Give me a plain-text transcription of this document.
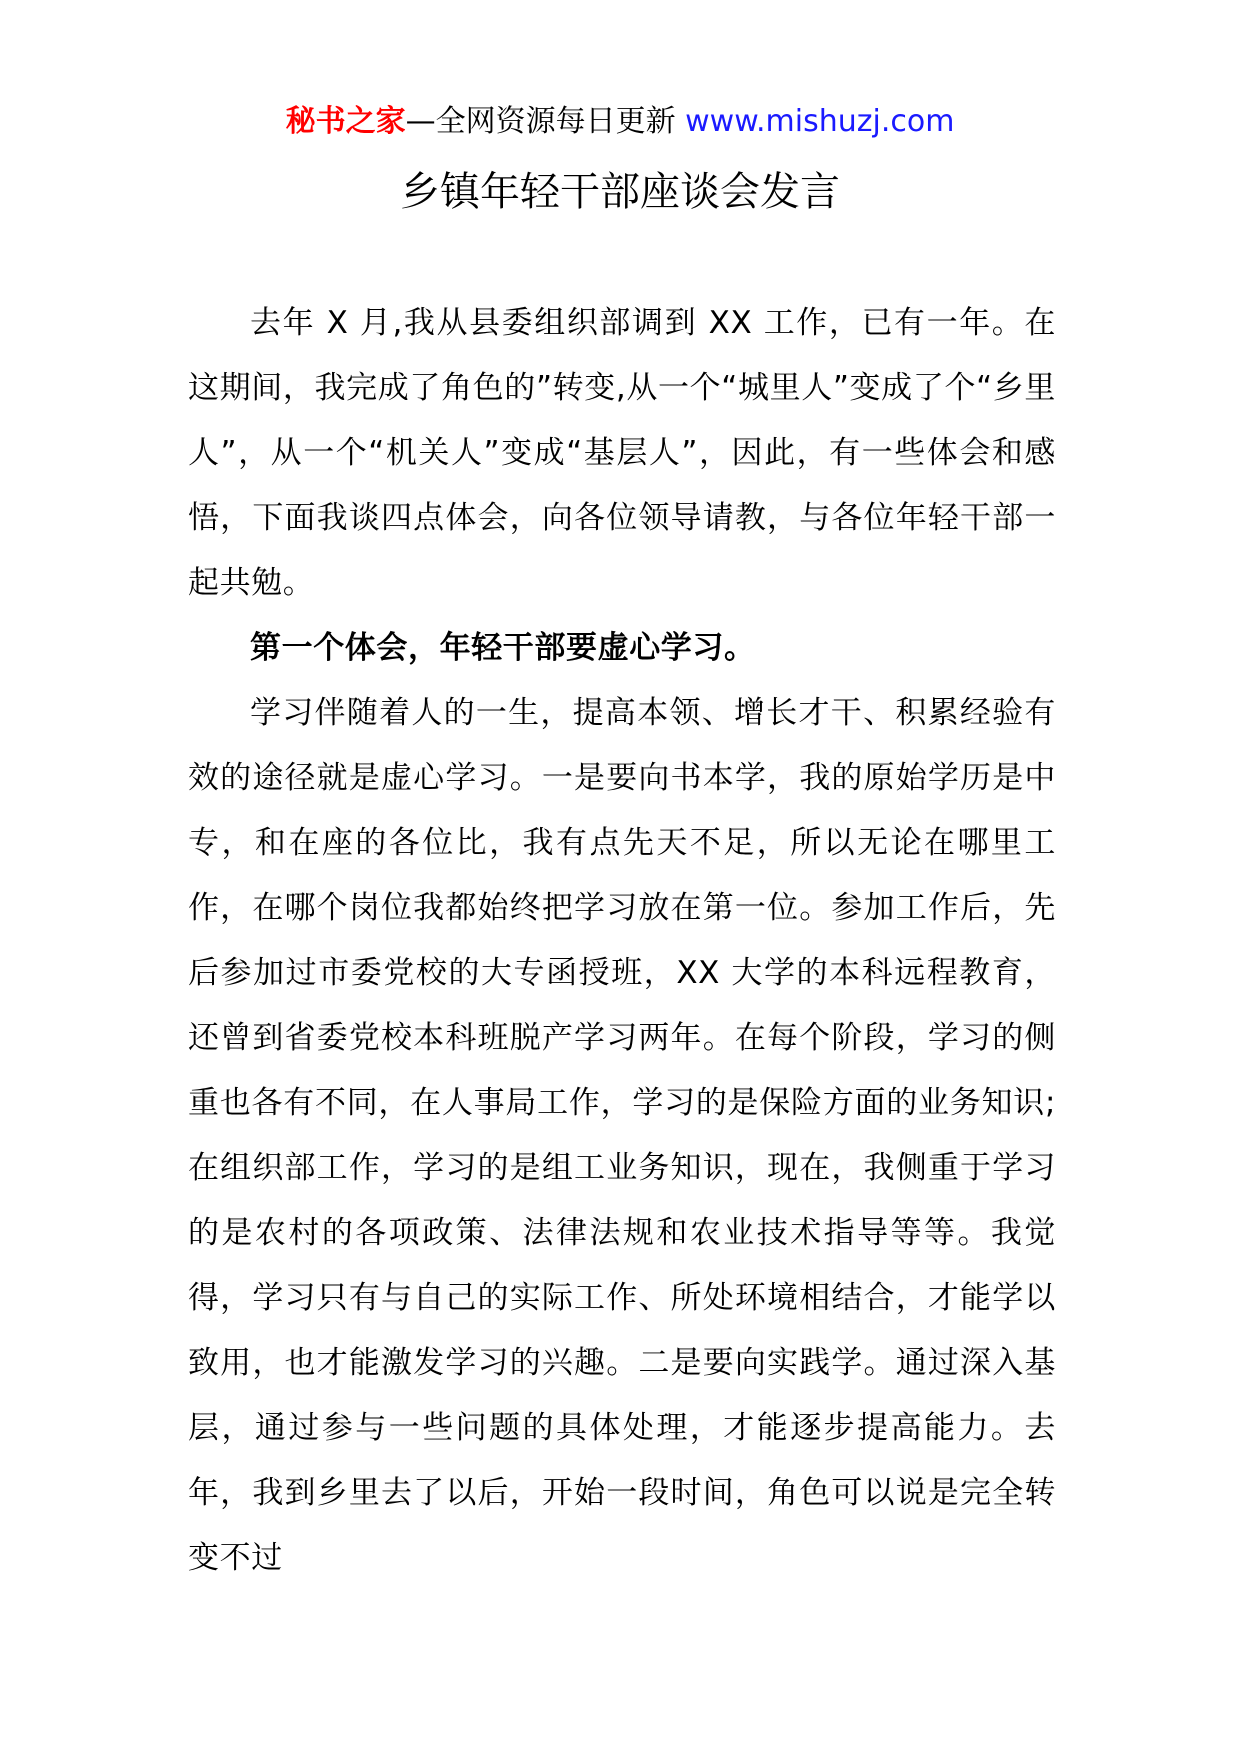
秘书之家—全网资源每日更新 www.mishuzj.com
乡镇年轻干部座谈会发言

去年 X 月,我从县委组织部调到 XX 工作，已有一年。在这期间，我完成了角色的”转变,从一个“城里人”变成了个“乡里人”，从一个“机关人”变成“基层人”，因此，有一些体会和感悟，下面我谈四点体会，向各位领导请教，与各位年轻干部一起共勉。

第一个体会，年轻干部要虚心学习。

学习伴随着人的一生，提高本领、增长才干、积累经验有效的途径就是虚心学习。一是要向书本学，我的原始学历是中专，和在座的各位比，我有点先天不足，所以无论在哪里工作，在哪个岗位我都始终把学习放在第一位。参加工作后，先后参加过市委党校的大专函授班，XX 大学的本科远程教育，还曾到省委党校本科班脱产学习两年。在每个阶段，学习的侧重也各有不同，在人事局工作，学习的是保险方面的业务知识;在组织部工作，学习的是组工业务知识，现在，我侧重于学习的是农村的各项政策、法律法规和农业技术指导等等。我觉得，学习只有与自己的实际工作、所处环境相结合，才能学以致用，也才能激发学习的兴趣。二是要向实践学。通过深入基层，通过参与一些问题的具体处理，才能逐步提高能力。去年，我到乡里去了以后，开始一段时间，角色可以说是完全转变不过
